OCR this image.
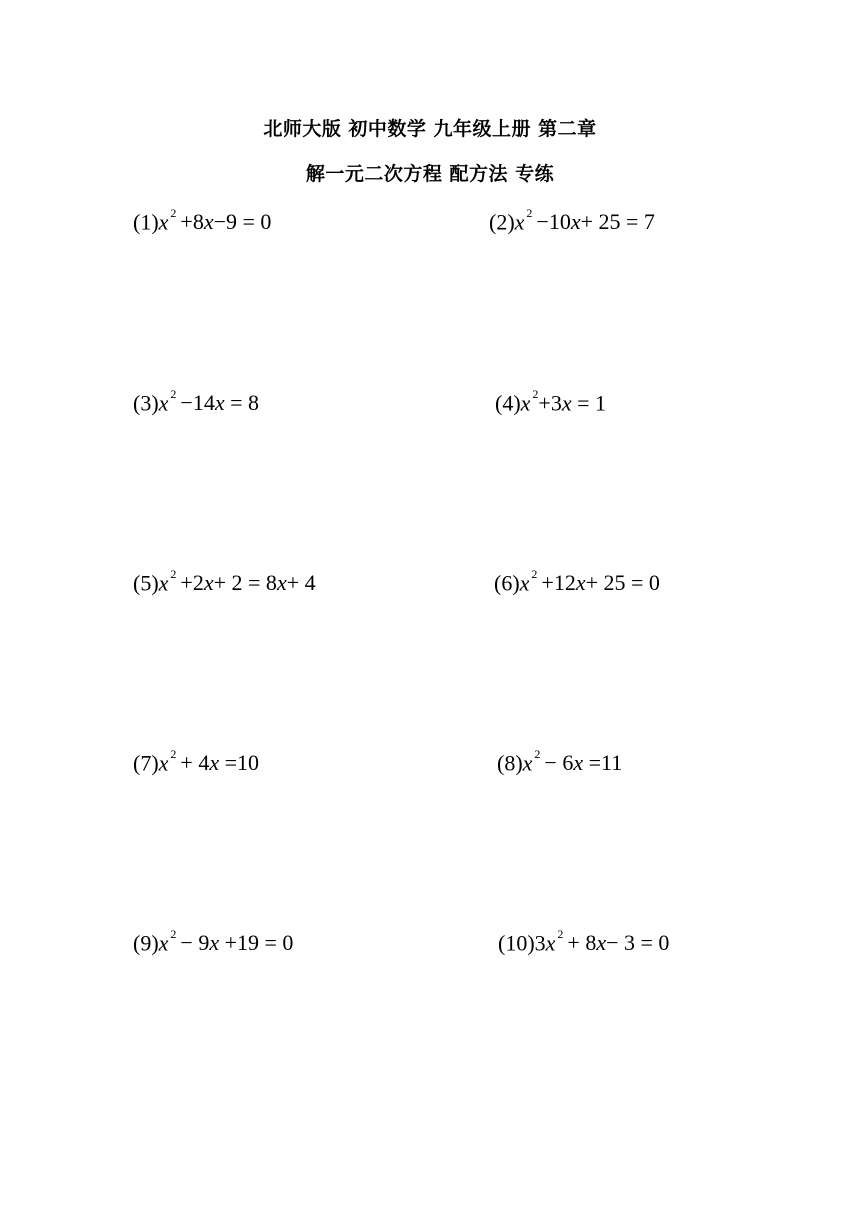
北师大版 初中数学 九年级上册 第二章
解一元二次方程 配方法 专练
(1)x $^2$ +8x−9 = 0	(2)x $^2$ −10x+ 25 = 7
(3)x $^2$ −14x = 8	(4)x $^2$+3x = 1
(5)x $^2$ +2x+ 2 = 8x+ 4	(6)x $^2$ +12x+ 25 = 0
(7)x $^2$ + 4x =10	(8)x $^2$ − 6x =11
(9)x $^2$ − 9x +19 = 0	(10)3x $^2$ + 8x− 3 = 0
